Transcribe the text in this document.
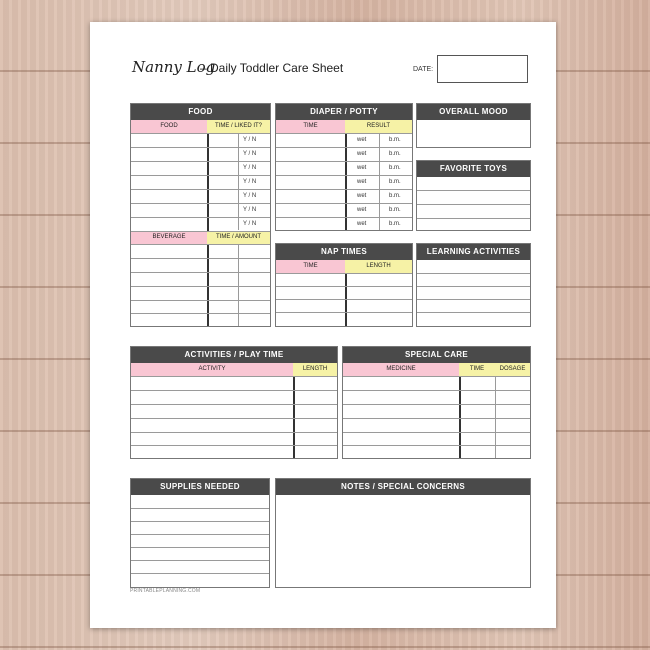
Nanny Log
– Daily Toddler Care Sheet	DATE:
FOOD
FOOD	TIME / LIKED IT?
Y / N
Y / N
Y / N
Y / N
Y / N
Y / N
Y / N
BEVERAGE	TIME / AMOUNT
DIAPER / POTTY
TIME	RESULT
wet	b.m.
wet	b.m.
wet	b.m.
wet	b.m.
wet	b.m.
wet	b.m.
wet	b.m.
OVERALL MOOD
FAVORITE TOYS
NAP TIMES
TIME	LENGTH
LEARNING ACTIVITIES
ACTIVITIES / PLAY TIME
ACTIVITY	LENGTH
SPECIAL CARE
MEDICINE	TIME	DOSAGE
SUPPLIES NEEDED	NOTES / SPECIAL CONCERNS
PRINTABLEPLANNING.COM
